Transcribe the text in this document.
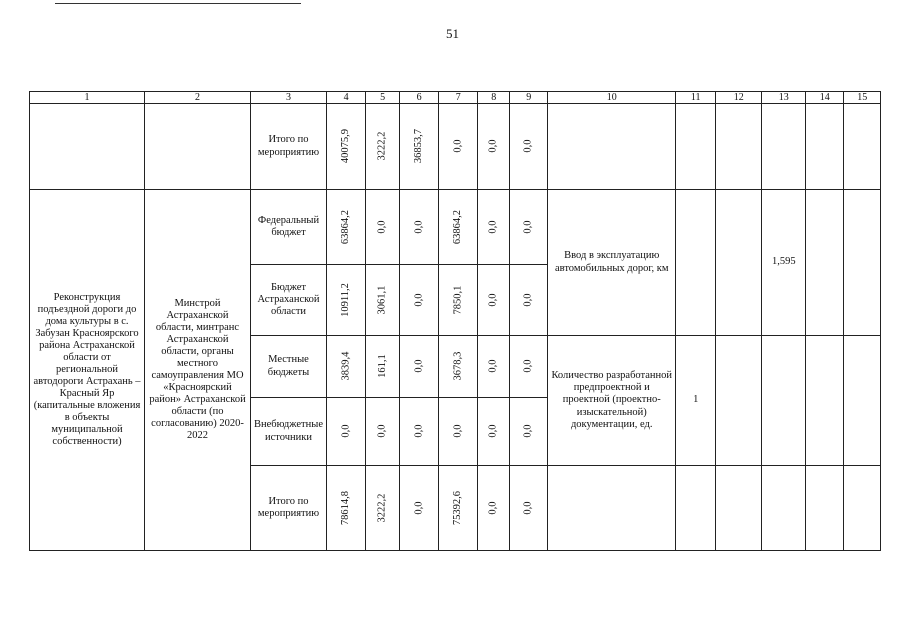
51
1	2	3	4	5	6	7	8	9	10	11	12	13	14	15
		Итого по мероприятию	40075,9	3222,2	36853,7	0,0	0,0	0,0						

Реконструкция подъездной дороги до дома культуры в с. Забузан Красноярского района Астраханской области от региональной автодороги Астрахань – Красный Яр (капитальные вложения в объекты муниципальной собственности)	Минстрой Астраханской области, минтранс Астраханской области, органы местного самоуправления МО «Красноярский район» Астраханской области (по согласованию) 2020-2022	Федеральный бюджет	63864,2	0,0	0,0	63864,2	0,0	0,0	Ввод в эксплуатацию автомобильных дорог, км			1,595		
		Бюджет Астраханской области	10911,2	3061,1	0,0	7850,1	0,0	0,0						
		Местные бюджеты	3839,4	161,1	0,0	3678,3	0,0	0,0	Количество разработанной предпроектной и проектной (проектно-изыскательной) документации, ед.	1				
		Внебюджетные источники	0,0	0,0	0,0	0,0	0,0	0,0						
		Итого по мероприятию	78614,8	3222,2	0,0	75392,6	0,0	0,0						
